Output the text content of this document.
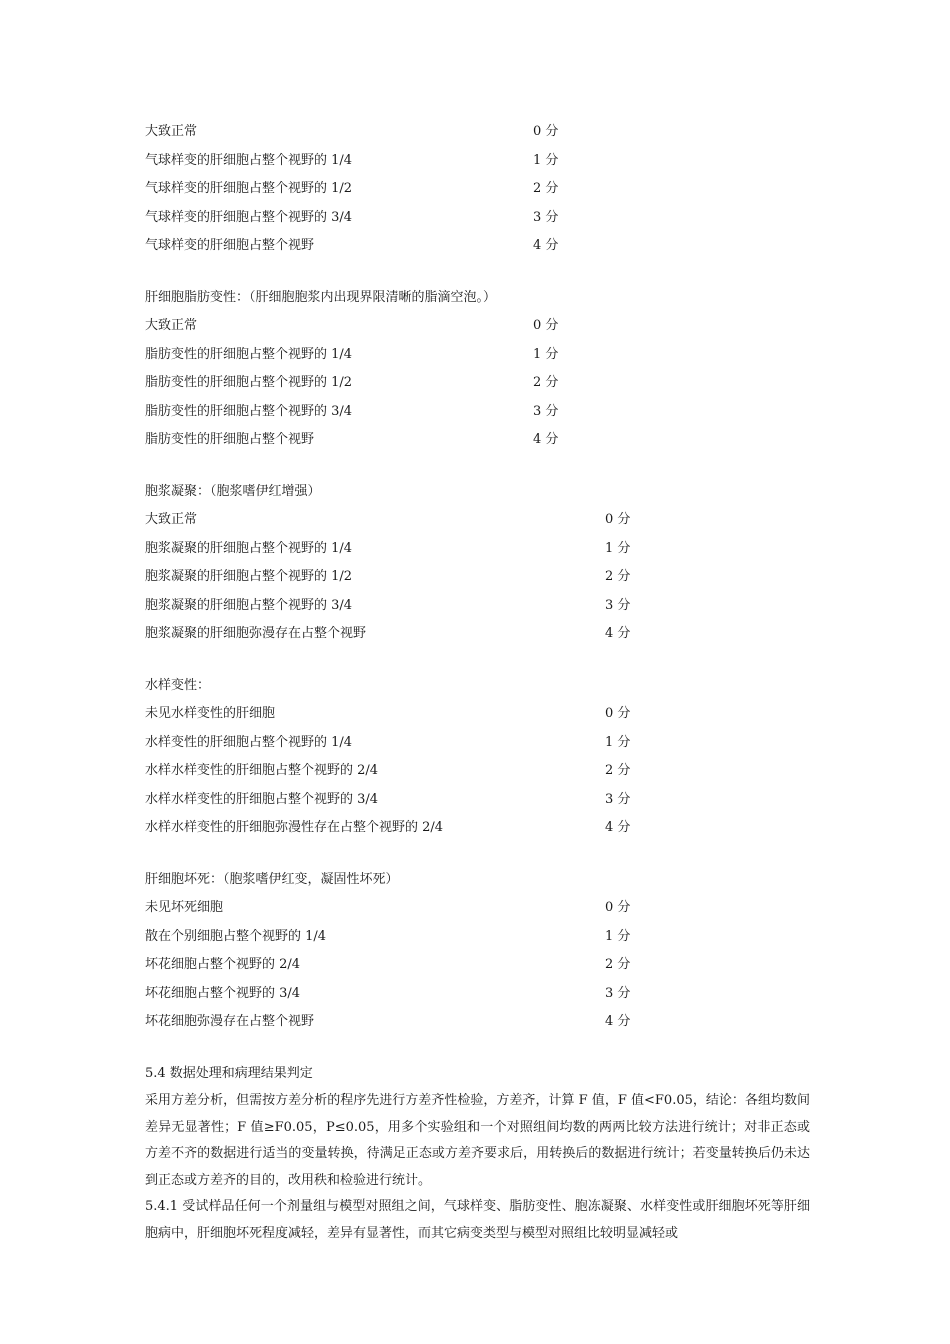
大致正常	0 分
气球样变的肝细胞占整个视野的 1/4	1 分
气球样变的肝细胞占整个视野的 1/2	2 分
气球样变的肝细胞占整个视野的 3/4	3 分
气球样变的肝细胞占整个视野	4 分
肝细胞脂肪变性：（肝细胞胞浆内出现界限清晰的脂滴空泡。）
大致正常	0 分
脂肪变性的肝细胞占整个视野的 1/4	1 分
脂肪变性的肝细胞占整个视野的 1/2	2 分
脂肪变性的肝细胞占整个视野的 3/4	3 分
脂肪变性的肝细胞占整个视野	4 分
胞浆凝聚：（胞浆嗜伊红增强）
大致正常	0 分
胞浆凝聚的肝细胞占整个视野的 1/4	1 分
胞浆凝聚的肝细胞占整个视野的 1/2	2 分
胞浆凝聚的肝细胞占整个视野的 3/4	3 分
胞浆凝聚的肝细胞弥漫存在占整个视野	4 分
水样变性：
未见水样变性的肝细胞	0 分
水样变性的肝细胞占整个视野的 1/4	1 分
水样水样变性的肝细胞占整个视野的 2/4	2 分
水样水样变性的肝细胞占整个视野的 3/4	3 分
水样水样变性的肝细胞弥漫性存在占整个视野的 2/4	4 分
肝细胞坏死：（胞浆嗜伊红变，凝固性坏死）
未见坏死细胞	0 分
散在个别细胞占整个视野的 1/4	1 分
坏花细胞占整个视野的 2/4	2 分
坏花细胞占整个视野的 3/4	3 分
坏花细胞弥漫存在占整个视野	4 分
5.4 数据处理和病理结果判定

采用方差分析，但需按方差分析的程序先进行方差齐性检验，方差齐，计算 F 值，F 值<F0.05，结论：各组均数间差异无显著性；F 值≥F0.05，P≤0.05，用多个实验组和一个对照组间均数的两两比较方法进行统计；对非正态或方差不齐的数据进行适当的变量转换，待满足正态或方差齐要求后，用转换后的数据进行统计；若变量转换后仍未达到正态或方差齐的目的，改用秩和检验进行统计。

5.4.1 受试样品任何一个剂量组与模型对照组之间，气球样变、脂肪变性、胞冻凝聚、水样变性或肝细胞坏死等肝细胞病中，肝细胞坏死程度减轻，差异有显著性，而其它病变类型与模型对照组比较明显减轻或
